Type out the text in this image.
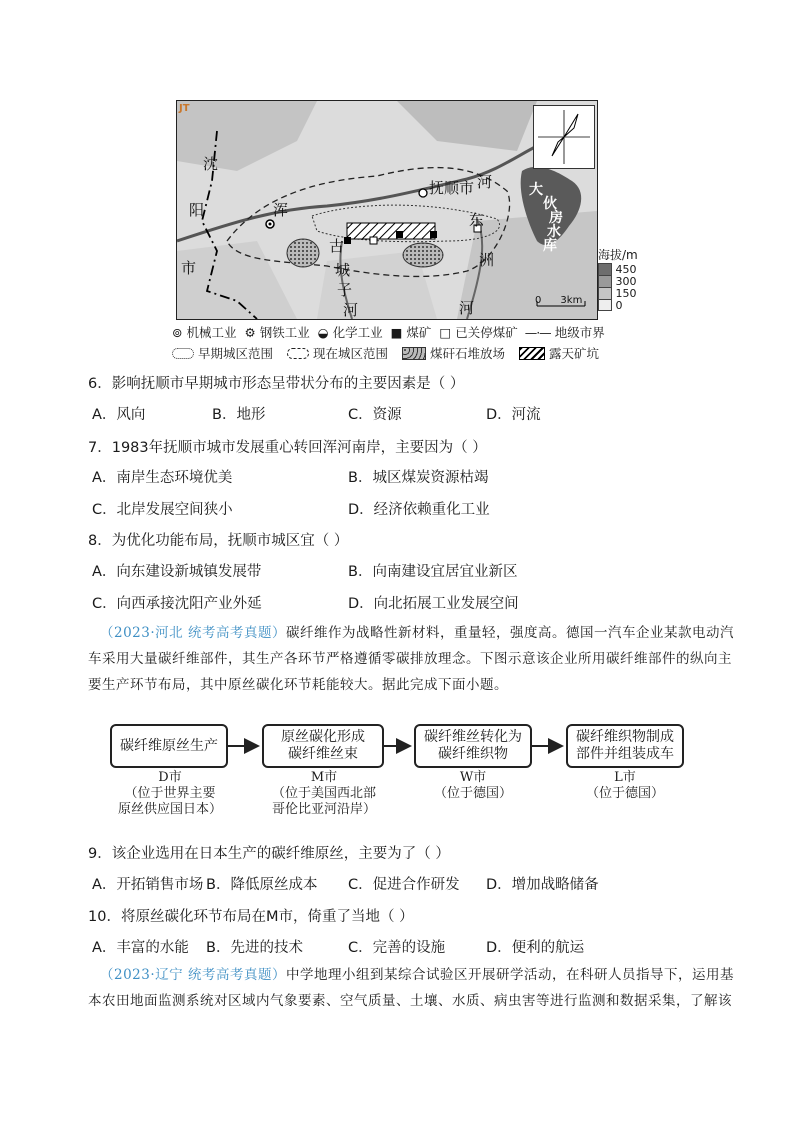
JT
沈
阳
市
抚顺市 河
浑
东
洲
河
古
城
子
河
大
伙
房
水
库
0      3km
海拔/m

450

300

150

0
⊚ 机械工业 ⚙ 钢铁工业 ◒ 化学工业 ■ 煤矿 □ 已关停煤矿 —·— 地级市界
早期城区范围	现在城区范围	煤矸石堆放场	露天矿坑
6．影响抚顺市早期城市形态呈带状分布的主要因素是（ ）
A．风向	B．地形	C．资源	D．河流
7．1983年抚顺市城市发展重心转回浑河南岸，主要因为（ ）
A．南岸生态环境优美	B．城区煤炭资源枯竭
C．北岸发展空间狭小	D．经济依赖重化工业
8．为优化功能布局，抚顺市城区宜（ ）
A．向东建设新城镇发展带	B．向南建设宜居宜业新区
C．向西承接沈阳产业外延	D．向北拓展工业发展空间
（2023·河北 统考高考真题）碳纤维作为战略性新材料，重量轻，强度高。德国一汽车企业某款电动汽
车采用大量碳纤维部件，其生产各环节严格遵循零碳排放理念。下图示意该企业所用碳纤维部件的纵向主
要生产环节布局，其中原丝碳化环节耗能较大。据此完成下面小题。
碳纤维原丝生产
D市
（位于世界主要
原丝供应国日本）
原丝碳化形成
碳纤维丝束
M市
（位于美国西北部
哥伦比亚河沿岸）
碳纤维丝转化为
碳纤维织物
W市
（位于德国）
碳纤维织物制成
部件并组装成车
L市
（位于德国）
9．该企业选用在日本生产的碳纤维原丝，主要为了（ ）
A．开拓销售市场 B．降低原丝成本 C．促进合作研发 D．增加战略储备
10．将原丝碳化环节布局在M市，倚重了当地（ ）
A．丰富的水能 B．先进的技术	C．完善的设施	D．便利的航运
（2023·辽宁 统考高考真题）中学地理小组到某综合试验区开展研学活动，在科研人员指导下，运用基
本农田地面监测系统对区域内气象要素、空气质量、土壤、水质、病虫害等进行监测和数据采集，了解该
